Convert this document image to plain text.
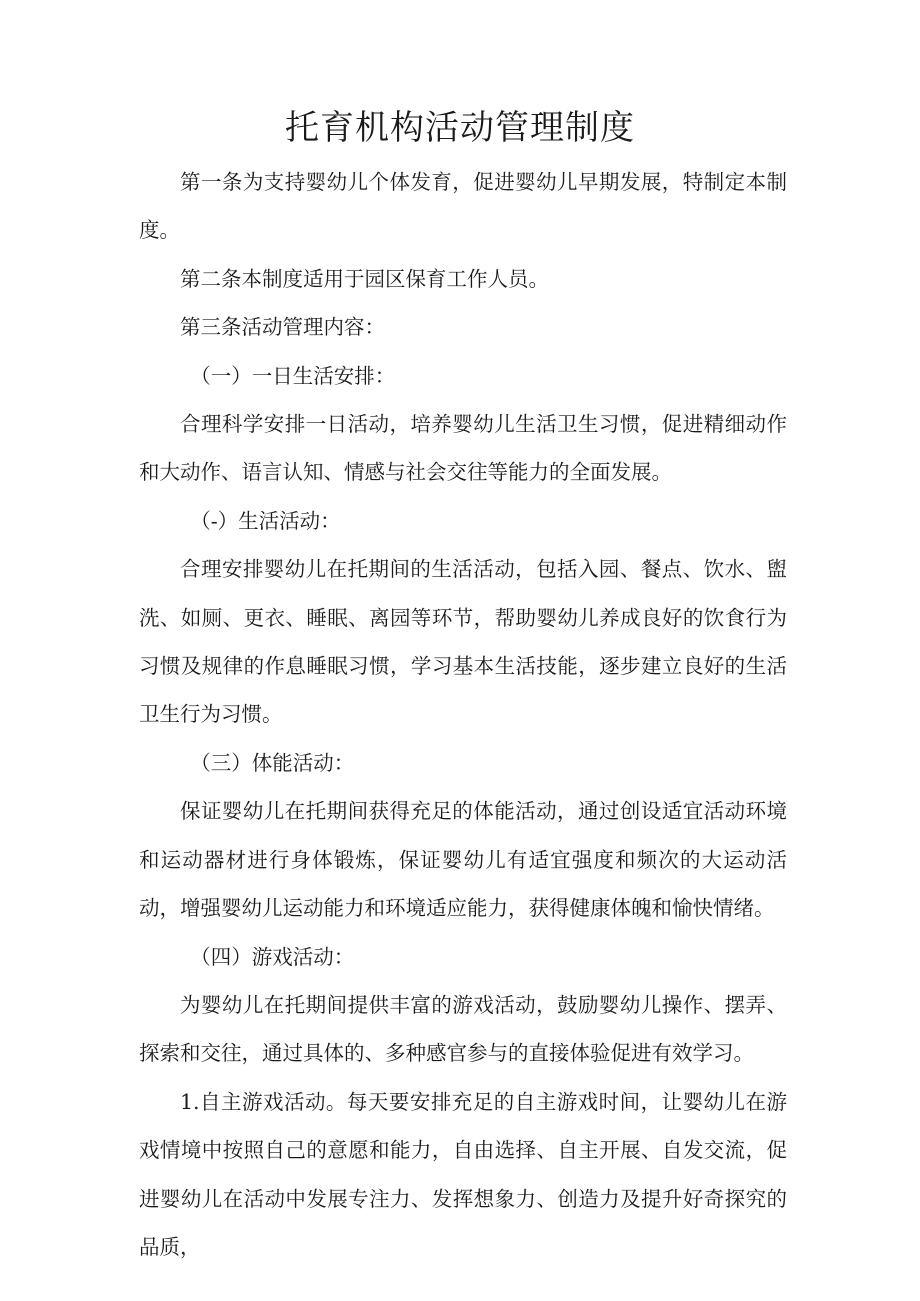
托育机构活动管理制度

第一条为支持婴幼儿个体发育，促进婴幼儿早期发展，特制定本制度。

第二条本制度适用于园区保育工作人员。

第三条活动管理内容：

（一）一日生活安排：

合理科学安排一日活动，培养婴幼儿生活卫生习惯，促进精细动作和大动作、语言认知、情感与社会交往等能力的全面发展。

（-）生活活动：

合理安排婴幼儿在托期间的生活活动，包括入园、餐点、饮水、盥洗、如厕、更衣、睡眠、离园等环节，帮助婴幼儿养成良好的饮食行为习惯及规律的作息睡眠习惯，学习基本生活技能，逐步建立良好的生活卫生行为习惯。

（三）体能活动：

保证婴幼儿在托期间获得充足的体能活动，通过创设适宜活动环境和运动器材进行身体锻炼，保证婴幼儿有适宜强度和频次的大运动活动，增强婴幼儿运动能力和环境适应能力，获得健康体魄和愉快情绪。

（四）游戏活动：

为婴幼儿在托期间提供丰富的游戏活动，鼓励婴幼儿操作、摆弄、探索和交往，通过具体的、多种感官参与的直接体验促进有效学习。

1.自主游戏活动。每天要安排充足的自主游戏时间，让婴幼儿在游戏情境中按照自己的意愿和能力，自由选择、自主开展、自发交流，促进婴幼儿在活动中发展专注力、发挥想象力、创造力及提升好奇探究的品质，
